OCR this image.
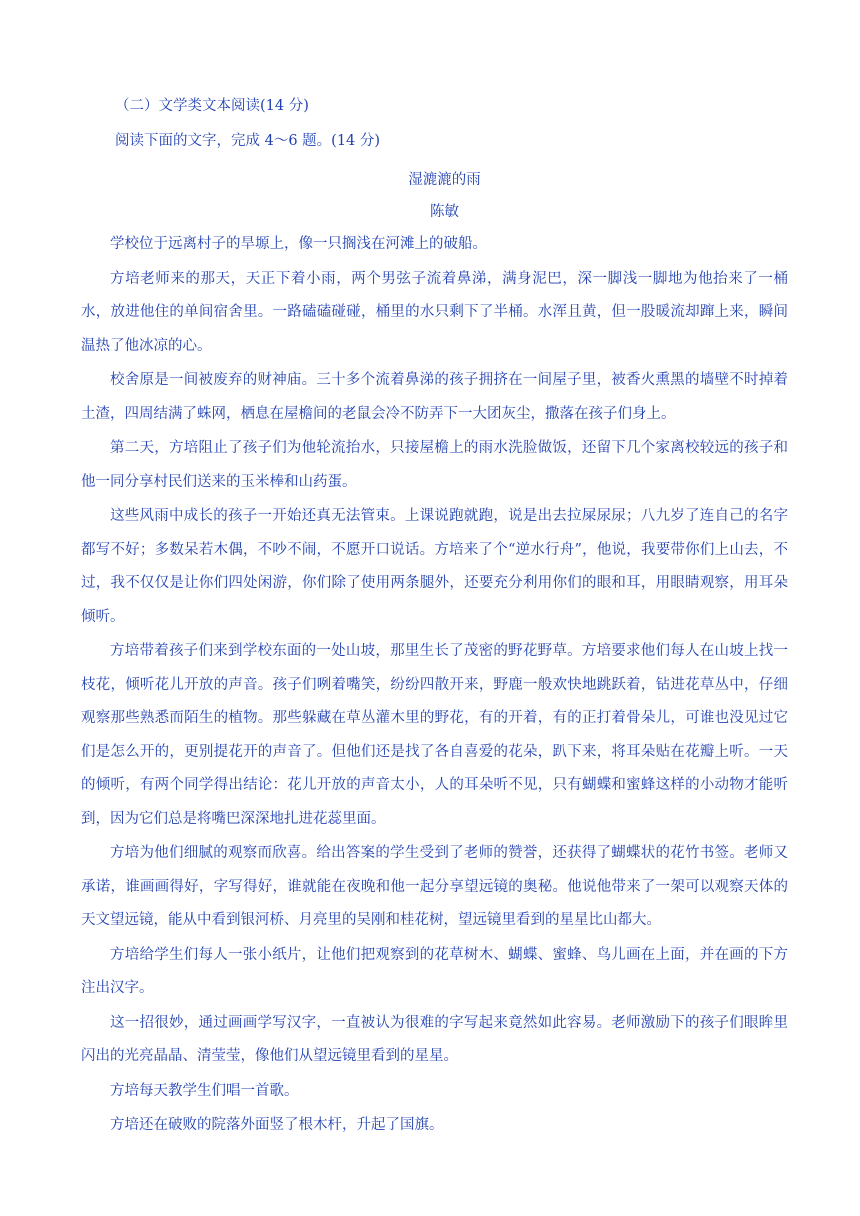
（二）文学类文本阅读(14 分)

阅读下面的文字，完成 4～6 题。(14 分)

湿漉漉的雨

陈敏

学校位于远离村子的旱塬上，像一只搁浅在河滩上的破船。

方培老师来的那天，天正下着小雨，两个男弦子流着鼻涕，满身泥巴，深一脚浅一脚地为他抬来了一桶水，放进他住的单间宿舍里。一路磕磕碰碰，桶里的水只剩下了半桶。水浑且黄，但一股暖流却蹿上来，瞬间温热了他冰凉的心。

校舍原是一间被废弃的财神庙。三十多个流着鼻涕的孩子拥挤在一间屋子里，被香火熏黑的墙壁不时掉着土渣，四周结满了蛛网，栖息在屋檐间的老鼠会冷不防弄下一大团灰尘，撒落在孩子们身上。

第二天，方培阻止了孩子们为他轮流抬水，只接屋檐上的雨水洗脸做饭，还留下几个家离校较远的孩子和他一同分享村民们送来的玉米棒和山药蛋。

这些风雨中成长的孩子一开始还真无法管束。上课说跑就跑，说是出去拉屎尿尿；八九岁了连自己的名字都写不好；多数呆若木偶，不吵不闹，不愿开口说话。方培来了个“逆水行舟”，他说，我要带你们上山去，不过，我不仅仅是让你们四处闲游，你们除了使用两条腿外，还要充分利用你们的眼和耳，用眼睛观察，用耳朵倾听。

方培带着孩子们来到学校东面的一处山坡，那里生长了茂密的野花野草。方培要求他们每人在山坡上找一枝花，倾听花儿开放的声音。孩子们咧着嘴笑，纷纷四散开来，野鹿一般欢快地跳跃着，钻进花草丛中，仔细观察那些熟悉而陌生的植物。那些躲藏在草丛灌木里的野花，有的开着，有的正打着骨朵儿，可谁也没见过它们是怎么开的，更别提花开的声音了。但他们还是找了各自喜爱的花朵，趴下来，将耳朵贴在花瓣上听。一天的倾听，有两个同学得出结论：花儿开放的声音太小，人的耳朵听不见，只有蝴蝶和蜜蜂这样的小动物才能听到，因为它们总是将嘴巴深深地扎进花蕊里面。

方培为他们细腻的观察而欣喜。给出答案的学生受到了老师的赞誉，还获得了蝴蝶状的花竹书签。老师又承诺，谁画画得好，字写得好，谁就能在夜晚和他一起分享望远镜的奥秘。他说他带来了一架可以观察天体的天文望远镜，能从中看到银河桥、月亮里的吴刚和桂花树，望远镜里看到的星星比山都大。

方培给学生们每人一张小纸片，让他们把观察到的花草树木、蝴蝶、蜜蜂、鸟儿画在上面，并在画的下方注出汉字。

这一招很妙，通过画画学写汉字，一直被认为很难的字写起来竟然如此容易。老师激励下的孩子们眼眸里闪出的光亮晶晶、清莹莹，像他们从望远镜里看到的星星。

方培每天教学生们唱一首歌。

方培还在破败的院落外面竖了根木杆，升起了国旗。
